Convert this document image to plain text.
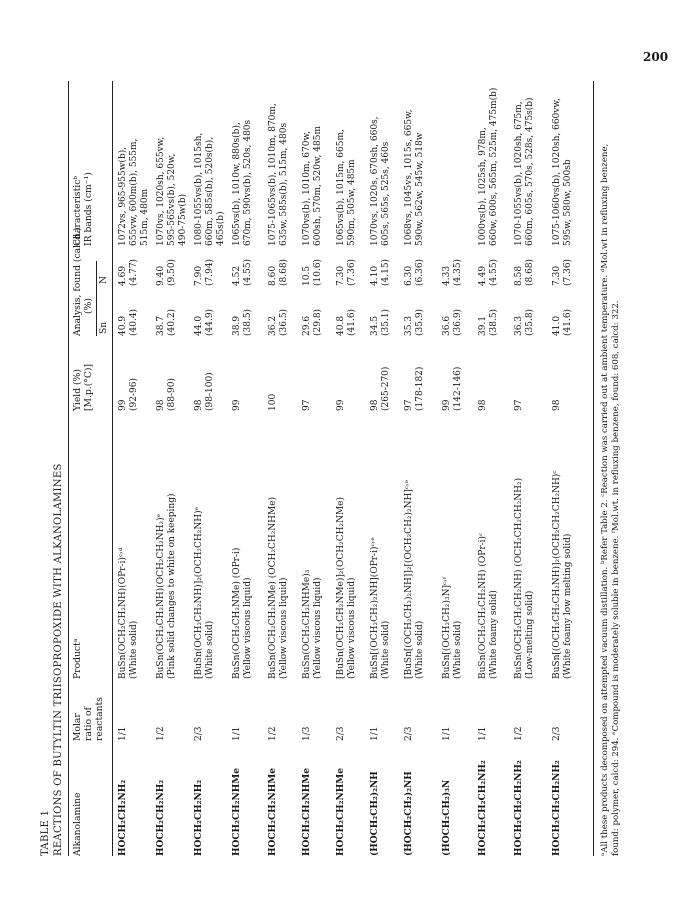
200
TABLE 1 REACTIONS OF BUTYLTIN TRIISOPROPOXIDE WITH ALKANOLAMINES Alkanolamine
Molar ratio of reactants
Productᵃ
Yield (%) [M.p.(°C)]
Analysis, found (calcd.) (%)
Characteristicᵇ IR bands (cm⁻¹)
Sn
N
HOCH₂CH₂NH₂
1/1
BuSn(OCH₂CH₂NH)(OPr-i)ᶜ˒ᵈ (White solid)
99 (92-96)
40.9 (40.4)
4.69 (4.77)
1072vs, 965-955w(b), 655vw, 600m(b), 555m, 515m, 480m
HOCH₂CH₂NH₂
1/2
BuSn(OCH₂CH₂NH)(OCH₂CH₂NH₂)ᵉ (Pink solid changes to white on keeping)
98 (88-90)
38.7 (40.2)
9.40 (9.50)
1070vs, 1020sh, 655vw, 595-565vs(b), 520w, 490-75w(b)
HOCH₂CH₂NH₂
2/3
[BuSn(OCH₂CH₂NH)]₂(OCH₂CH₂NH)ᵉ (White solid)
98 (98-100)
44.0 (44.9)
7.90 (7.94)
1080-1055vs(b), 1015sh, 660m, 585s(b), 520s(b), 465s(b)
HOCH₂CH₂NHMe
1/1
BuSn(OCH₂CH₂NMe) (OPr-i) (Yellow viscous liquid)
99
38.9 (38.5)
4.52 (4.55)
1065vs(b), 1010w, 880s(b), 670m, 590vs(b), 520s, 480s
HOCH₂CH₂NHMe
1/2
BuSn(OCH₂CH₂NMe) (OCH₂CH₂NHMe) (Yellow viscous liquid)
100
36.2 (36.5)
8.60 (8.68)
1075-1065vs(b), 1010m, 870m, 635w, 585s(b), 515m, 480s
HOCH₂CH₂NHMe
1/3
BuSn(OCH₂CH₂NHMe)₃ (Yellow viscous liquid)
97
29.6 (29.8)
10.5 (10.6)
1070vs(b), 1010m, 670w, 600sh, 570m, 520w, 485m
HOCH₂CH₂NHMe
2/3
[BuSn(OCH₂CH₂NMe)]₂(OCH₂CH₂NMe) (Yellow viscous liquid)
99
40.8 (41.6)
7.30 (7.36)
1065vs(b), 1015m, 665m, 590m, 505w, 485m
(HOCH₂CH₂)₂NH
1/1
BuSn[(OCH₂CH₂)₂NH](OPr-i)ᶜ˒ᵉ (White solid)
98 (265-270)
34.5 (35.1)
4.10 (4.15)
1070vs, 1020s, 670sh, 660s, 605s, 565s, 525s, 460s
(HOCH₂CH₂)₂NH
2/3
[BuSn[(OCH₂CH₂)₂NH]]₂[(OCH₂CH₂)₂NH]ᶜ˒ᵉ (White solid)
97 (178-182)
35.3 (35.9)
6.30 (6.36)
1068vs, 1045vs, 1015s, 665w, 590w, 562w, 545w, 518w
(HOCH₂CH₂)₃N
1/1
BuSn[(OCH₂CH₂)₃N]ᶜ˒ᶠ (White solid)
99 (142-146)
36.6 (36.9)
4.33 (4.35)
HOCH₂CH₂CH₂NH₂
1/1
BuSn(OCH₂CH₂CH₂NH) (OPr-i)ᶜ (White foamy solid)
98
39.1 (38.5)
4.49 (4.55)
1000vs(b), 1025sh, 978m, 660w, 600s, 565m, 525m, 475m(b)
HOCH₂CH₂CH₂NH₂
1/2
BuSn(OCH₂CH₂CH₂NH) (OCH₂CH₂CH₂NH₂) (Low-melting solid)
97
36.3 (35.8)
8.58 (8.68)
1070-1055vs(b), 1020sh, 675m, 660m, 605s, 570s, 528s, 475s(b)
HOCH₂CH₂CH₂NH₂
2/3
BuSn[(OCH₂CH₂CH₂NH)]₂(OCH₂CH₂CH₂NH)ᶜ (White foamy low melting solid)
98
41.0 (41.6)
7.30 (7.36)
1075-1060vs(b), 1020sh, 660vw, 595w, 580w, 500sb	ᵃAll these products decomposed on attempted vacuum distillation. ᵇRefer Table 2. ᶜReaction was carried out at ambient temperature. ᵈMol.wt in refluxing benzene, found: polymer, calcd: 294. ᵉCompound is moderately soluble in benzene. ᶠMol.wt. in refluxing benzene, found: 608, calcd: 322.
